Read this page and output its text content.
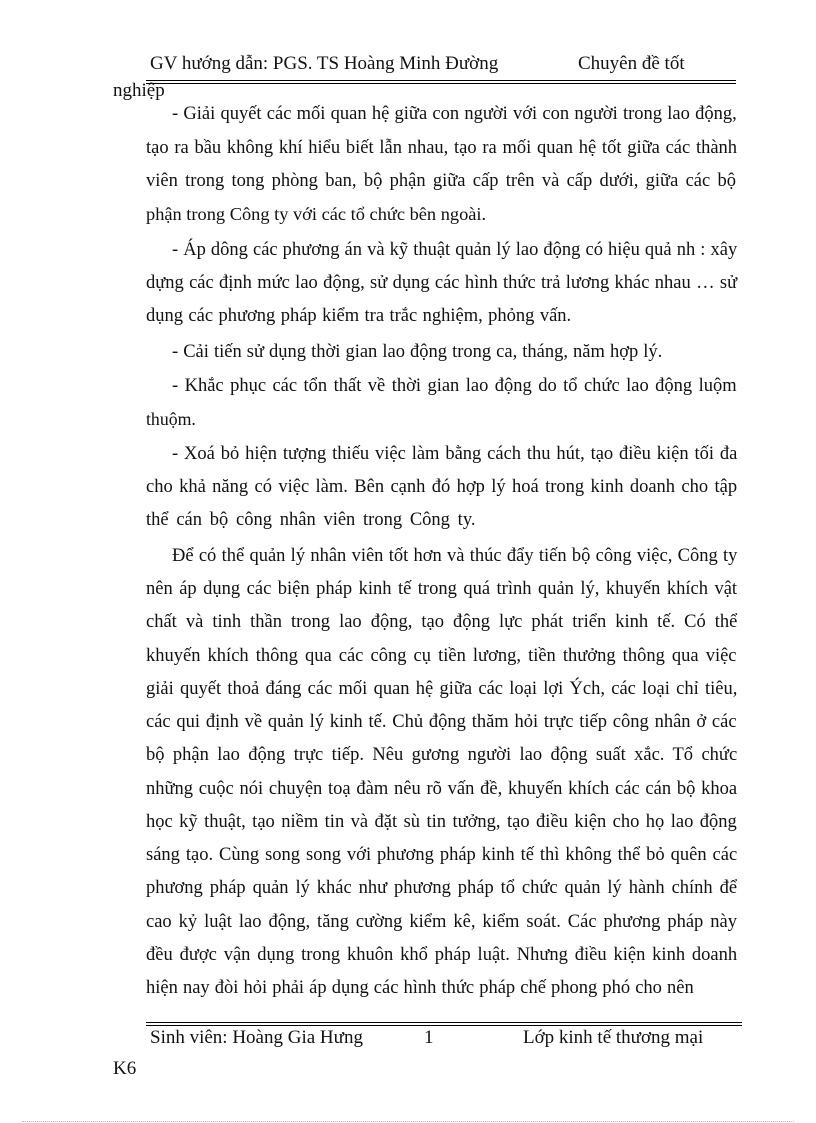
GV hướng dẫn: PGS. TS Hoàng Minh Đường	Chuyên đề tốt
nghiệp
- Giải quyết các mối quan hệ giữa con người với con người trong lao động,
tạo ra bầu không khí hiểu biết lẫn nhau, tạo ra mối quan hệ tốt giữa các thành
viên trong tong phòng ban, bộ phận giữa cấp trên và cấp dưới, giữa các bộ
phận trong Công ty với các tổ chức bên ngoài.
- Áp dông các phương án và kỹ thuật quản lý lao động có hiệu quả nh : xây
dựng các định mức lao động, sử dụng các hình thức trả lương khác nhau … sử
dụng các phương pháp kiểm tra trắc nghiệm, phỏng vấn.
- Cải tiến sử dụng thời gian lao động trong ca, tháng, năm hợp lý.
- Khắc phục các tổn thất về thời gian lao động do tổ chức lao động luộm
thuộm.
- Xoá bỏ hiện tượng thiếu việc làm bằng cách thu hút, tạo điều kiện tối đa
cho khả năng có việc làm. Bên cạnh đó hợp lý hoá trong kinh doanh cho tập
thể cán bộ công nhân viên trong Công ty.
Để có thể quản lý nhân viên tốt hơn và thúc đẩy tiến bộ công việc, Công ty
nên áp dụng các biện pháp kinh tế trong quá trình quản lý, khuyến khích vật
chất và tinh thần trong lao động, tạo động lực phát triển kinh tế. Có thể
khuyến khích thông qua các công cụ tiền lương, tiền thưởng thông qua việc
giải quyết thoả đáng các mối quan hệ giữa các loại lợi Ých, các loại chỉ tiêu,
các qui định về quản lý kinh tế. Chủ động thăm hỏi trực tiếp công nhân ở các
bộ phận lao động trực tiếp. Nêu gương người lao động suất xắc. Tổ chức
những cuộc nói chuyện toạ đàm nêu rõ vấn đề, khuyến khích các cán bộ khoa
học kỹ thuật, tạo niềm tin và đặt sù tin tưởng, tạo điều kiện cho họ lao động
sáng tạo. Cùng song song với phương pháp kinh tế thì không thể bỏ quên các
phương pháp quản lý khác như phương pháp tổ chức quản lý hành chính để
cao kỷ luật lao động, tăng cường kiểm kê, kiểm soát. Các phương pháp này
đều được vận dụng trong khuôn khổ pháp luật. Nhưng điều kiện kinh doanh
hiện nay đòi hỏi phải áp dụng các hình thức pháp chế phong phó cho nên
Sinh viên: Hoàng Gia Hưng	1	Lớp kinh tế thương mại
K6
